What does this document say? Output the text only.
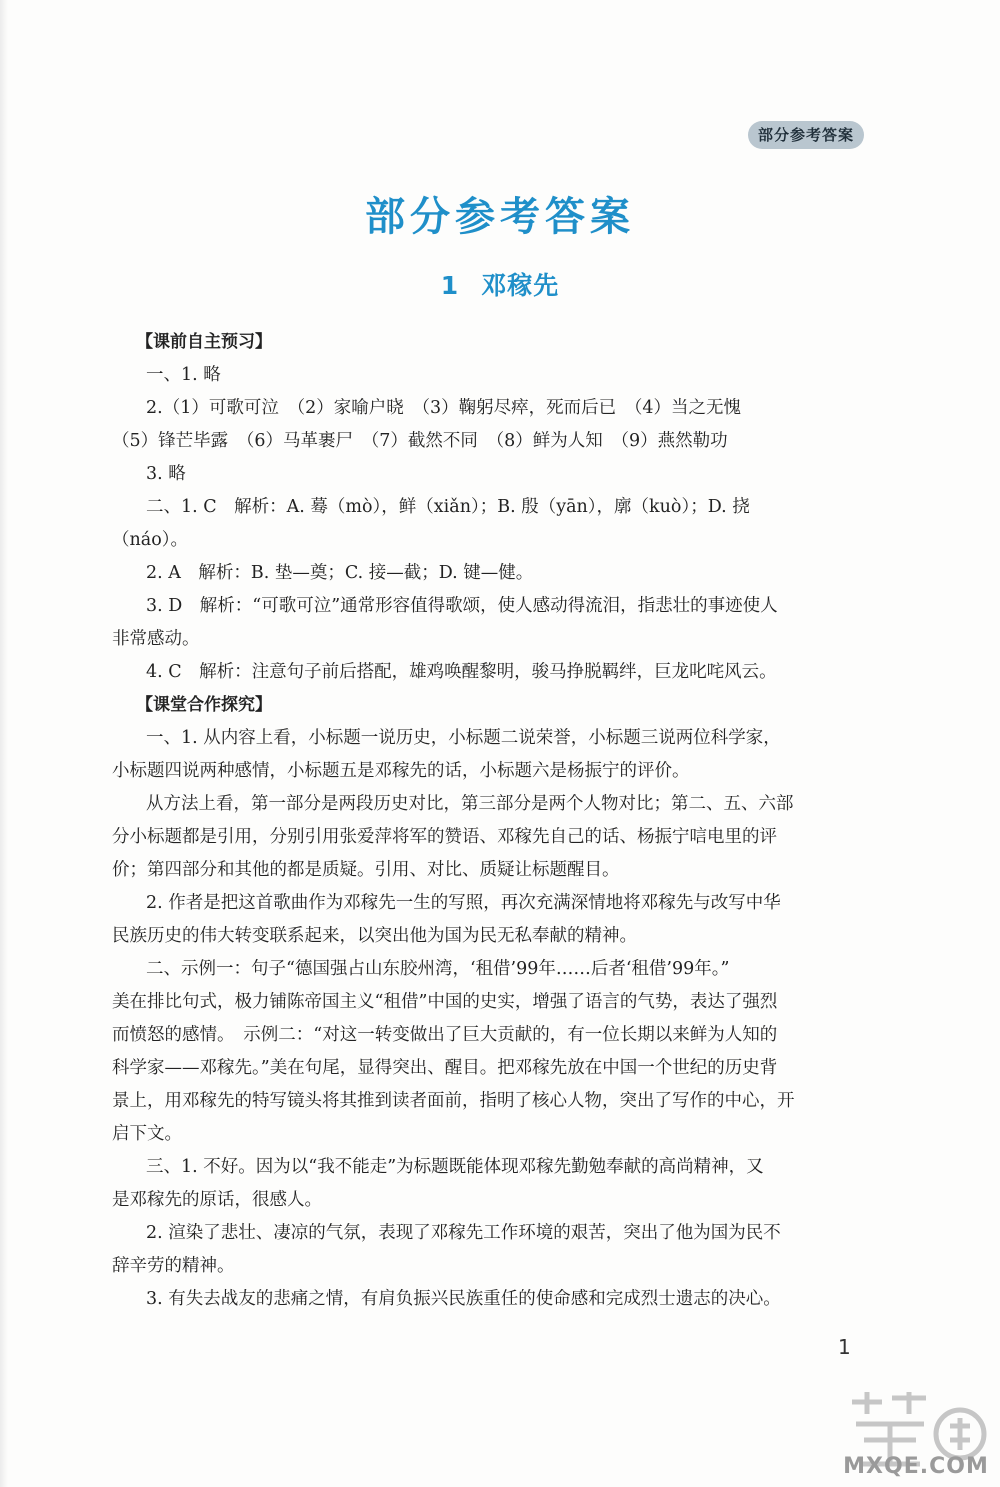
部分参考答案
部分参考答案
1 邓稼先
【课前自主预习】
一、1. 略
2.（1）可歌可泣　（2）家喻户晓　（3）鞠躬尽瘁，死而后已　（4）当之无愧
（5）锋芒毕露　（6）马革裹尸　（7）截然不同　（8）鲜为人知　（9）燕然勒功
3. 略
二、1. C　解析：A. 蓦（mò），鲜（xiǎn）；B. 殷（yān），廓（kuò）；D. 挠
（náo）。
2. A　解析：B. 垫—奠；C. 接—截；D. 键—健。
3. D　解析：“可歌可泣”通常形容值得歌颂，使人感动得流泪，指悲壮的事迹使人
非常感动。
4. C　解析：注意句子前后搭配，雄鸡唤醒黎明，骏马挣脱羁绊，巨龙叱咤风云。
【课堂合作探究】
一、1. 从内容上看，小标题一说历史，小标题二说荣誉，小标题三说两位科学家，
小标题四说两种感情，小标题五是邓稼先的话，小标题六是杨振宁的评价。
从方法上看，第一部分是两段历史对比，第三部分是两个人物对比；第二、五、六部
分小标题都是引用，分别引用张爱萍将军的赞语、邓稼先自己的话、杨振宁唁电里的评
价；第四部分和其他的都是质疑。引用、对比、质疑让标题醒目。
2. 作者是把这首歌曲作为邓稼先一生的写照，再次充满深情地将邓稼先与改写中华
民族历史的伟大转变联系起来，以突出他为国为民无私奉献的精神。
二、示例一：句子“德国强占山东胶州湾，‘租借’99年……后者‘租借’99年。”
美在排比句式，极力铺陈帝国主义“租借”中国的史实，增强了语言的气势，表达了强烈
而愤怒的感情。　示例二：“对这一转变做出了巨大贡献的，有一位长期以来鲜为人知的
科学家——邓稼先。”美在句尾，显得突出、醒目。把邓稼先放在中国一个世纪的历史背
景上，用邓稼先的特写镜头将其推到读者面前，指明了核心人物，突出了写作的中心，开
启下文。
三、1. 不好。因为以“我不能走”为标题既能体现邓稼先勤勉奉献的高尚精神，又
是邓稼先的原话，很感人。
2. 渲染了悲壮、凄凉的气氛，表现了邓稼先工作环境的艰苦，突出了他为国为民不
辞辛劳的精神。
3. 有失去战友的悲痛之情，有肩负振兴民族重任的使命感和完成烈士遗志的决心。
1
MXQE.COM
